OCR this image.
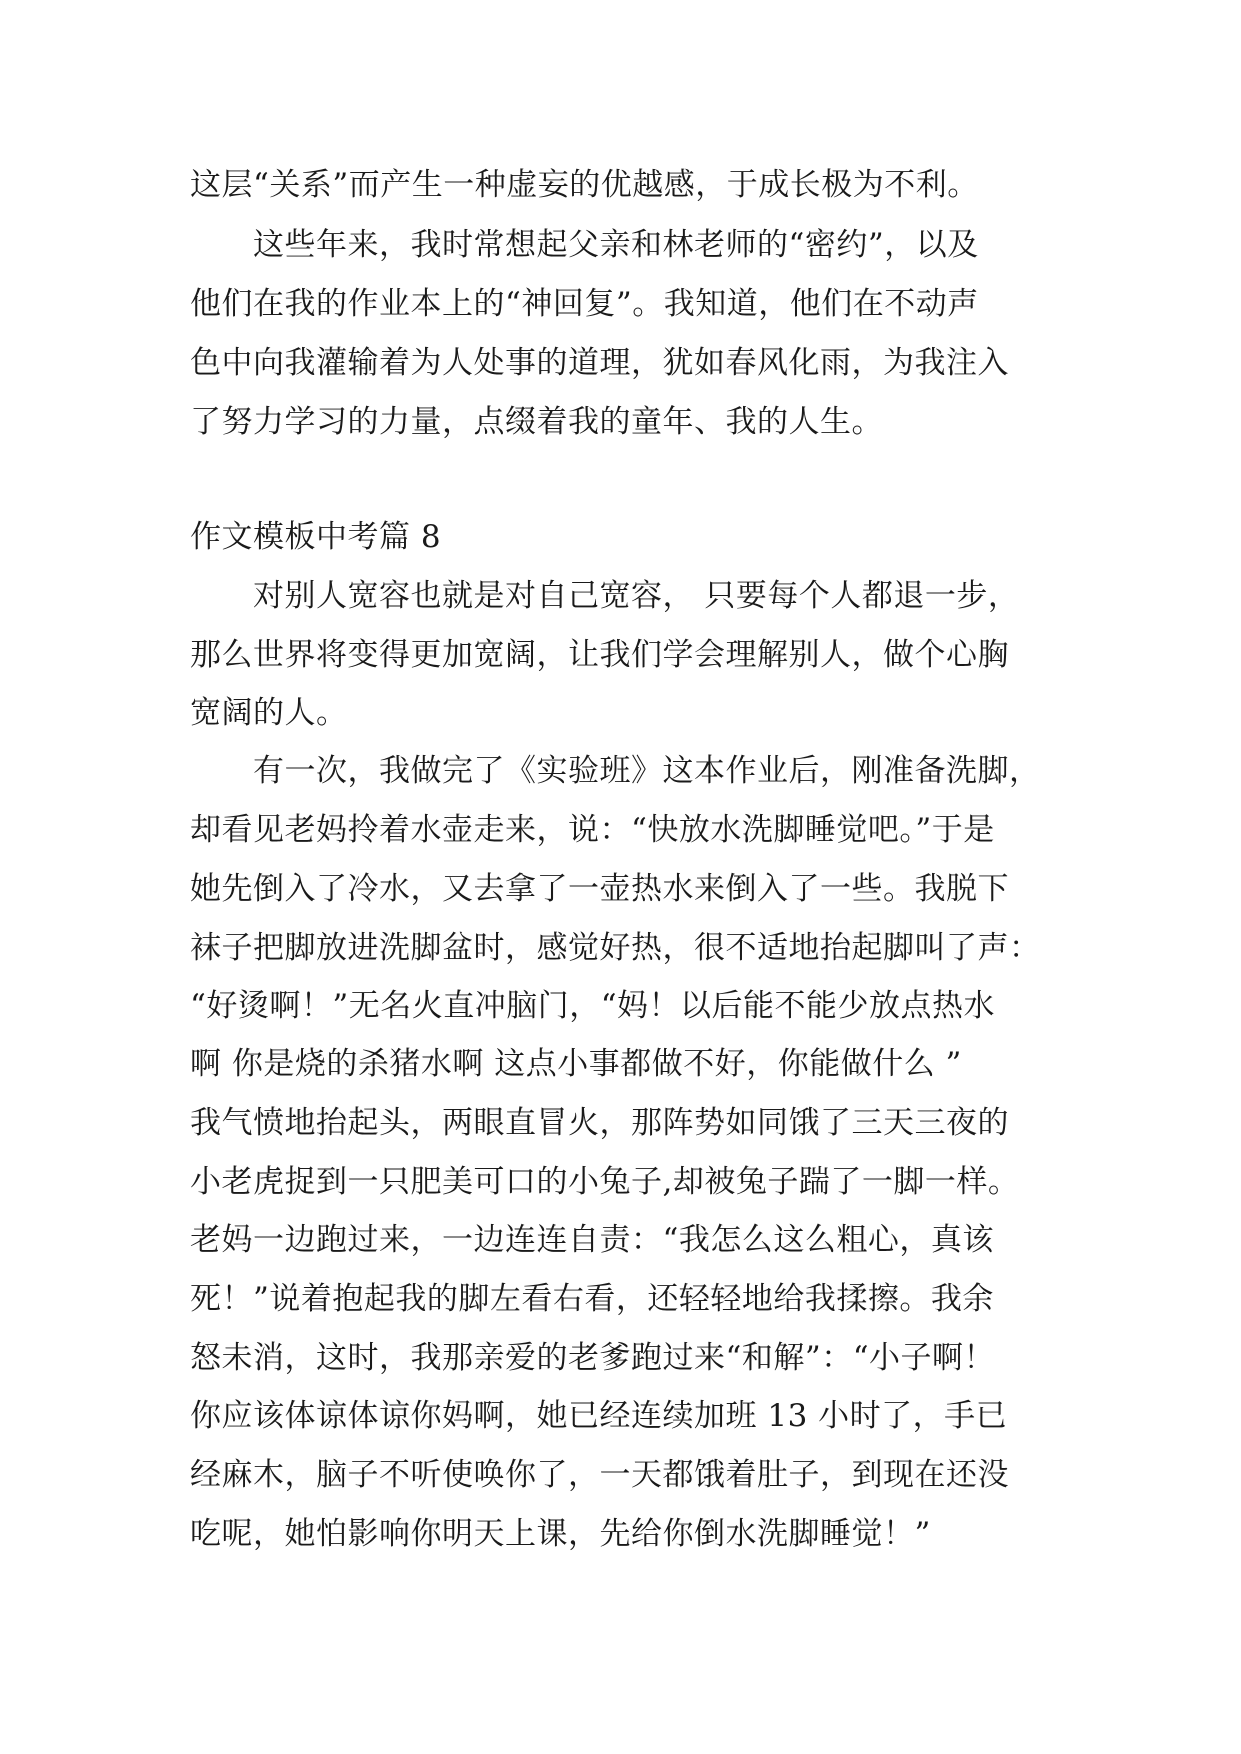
这层“关系”而产生一种虚妄的优越感，于成长极为不利。
　　这些年来，我时常想起父亲和林老师的“密约”，以及
他们在我的作业本上的“神回复”。我知道，他们在不动声
色中向我灌输着为人处事的道理，犹如春风化雨，为我注入
了努力学习的力量，点缀着我的童年、我的人生。
作文模板中考篇 8
　　对别人宽容也就是对自己宽容， 只要每个人都退一步，
那么世界将变得更加宽阔，让我们学会理解别人，做个心胸
宽阔的人。
　　有一次，我做完了《实验班》这本作业后，刚准备洗脚，
却看见老妈拎着水壶走来，说：“快放水洗脚睡觉吧。”于是
她先倒入了冷水，又去拿了一壶热水来倒入了一些。我脱下
袜子把脚放进洗脚盆时，感觉好热，很不适地抬起脚叫了声：
“好烫啊！”无名火直冲脑门，“妈！以后能不能少放点热水
啊 你是烧的杀猪水啊 这点小事都做不好，你能做什么 ”
我气愤地抬起头，两眼直冒火，那阵势如同饿了三天三夜的
小老虎捉到一只肥美可口的小兔子,却被兔子踹了一脚一样。
老妈一边跑过来，一边连连自责：“我怎么这么粗心，真该
死！”说着抱起我的脚左看右看，还轻轻地给我揉擦。我余
怒未消，这时，我那亲爱的老爹跑过来“和解”：“小子啊！
你应该体谅体谅你妈啊，她已经连续加班 13 小时了，手已
经麻木，脑子不听使唤你了，一天都饿着肚子，到现在还没
吃呢，她怕影响你明天上课，先给你倒水洗脚睡觉！”
